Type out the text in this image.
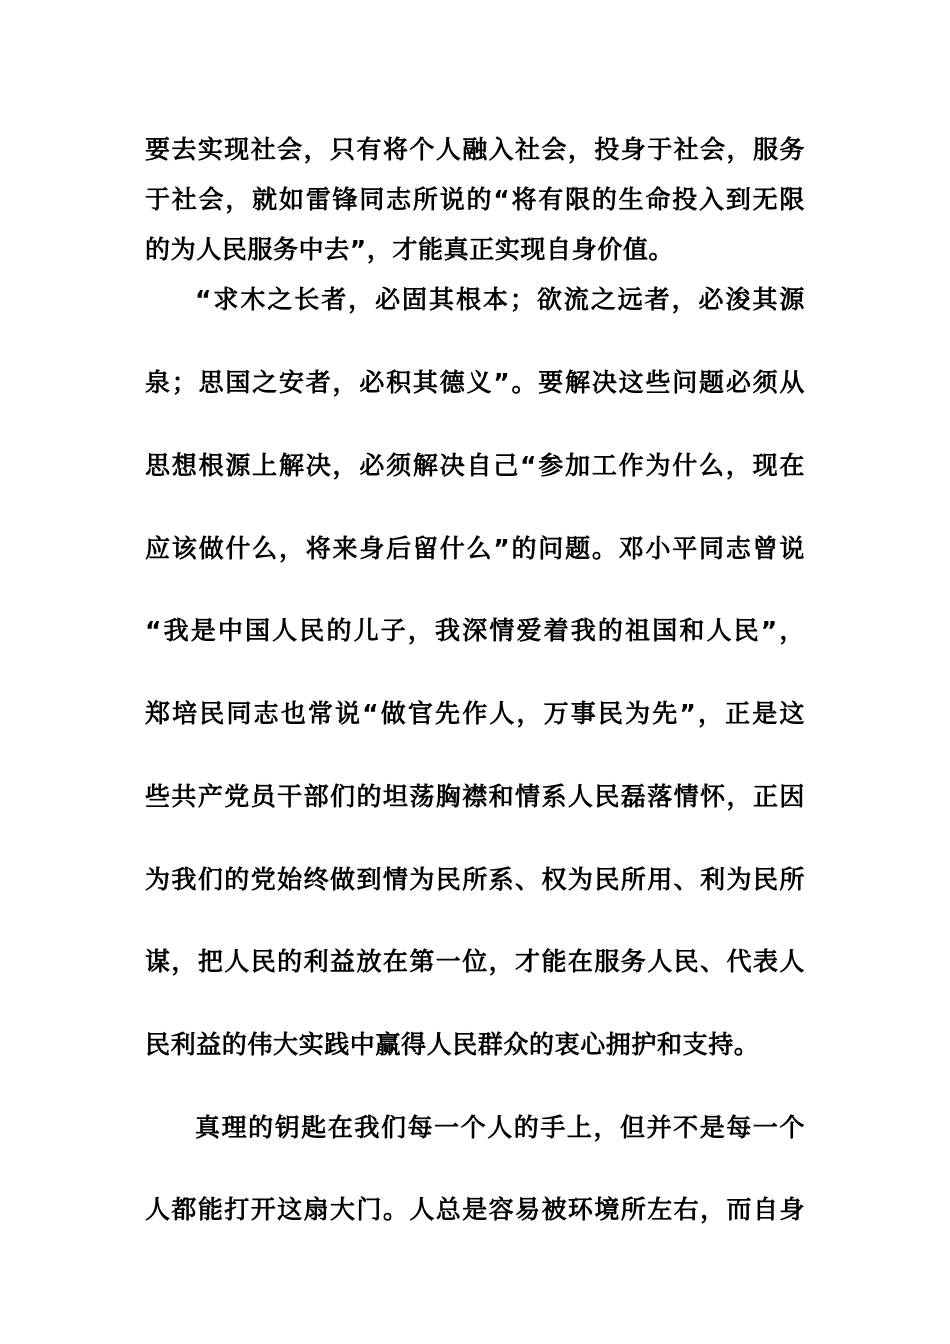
要去实现社会，只有将个人融入社会，投身于社会，服务
于社会，就如雷锋同志所说的“将有限的生命投入到无限
的为人民服务中去”，才能真正实现自身价值。
“求木之长者，必固其根本；欲流之远者，必浚其源
泉；思国之安者，必积其德义”。要解决这些问题必须从
思想根源上解决，必须解决自己“参加工作为什么，现在
应该做什么，将来身后留什么”的问题。邓小平同志曾说
“我是中国人民的儿子，我深情爱着我的祖国和人民”，
郑培民同志也常说“做官先作人，万事民为先”，正是这
些共产党员干部们的坦荡胸襟和情系人民磊落情怀，正因
为我们的党始终做到情为民所系、权为民所用、利为民所
谋，把人民的利益放在第一位，才能在服务人民、代表人
民利益的伟大实践中赢得人民群众的衷心拥护和支持。
真理的钥匙在我们每一个人的手上，但并不是每一个
人都能打开这扇大门。人总是容易被环境所左右，而自身
